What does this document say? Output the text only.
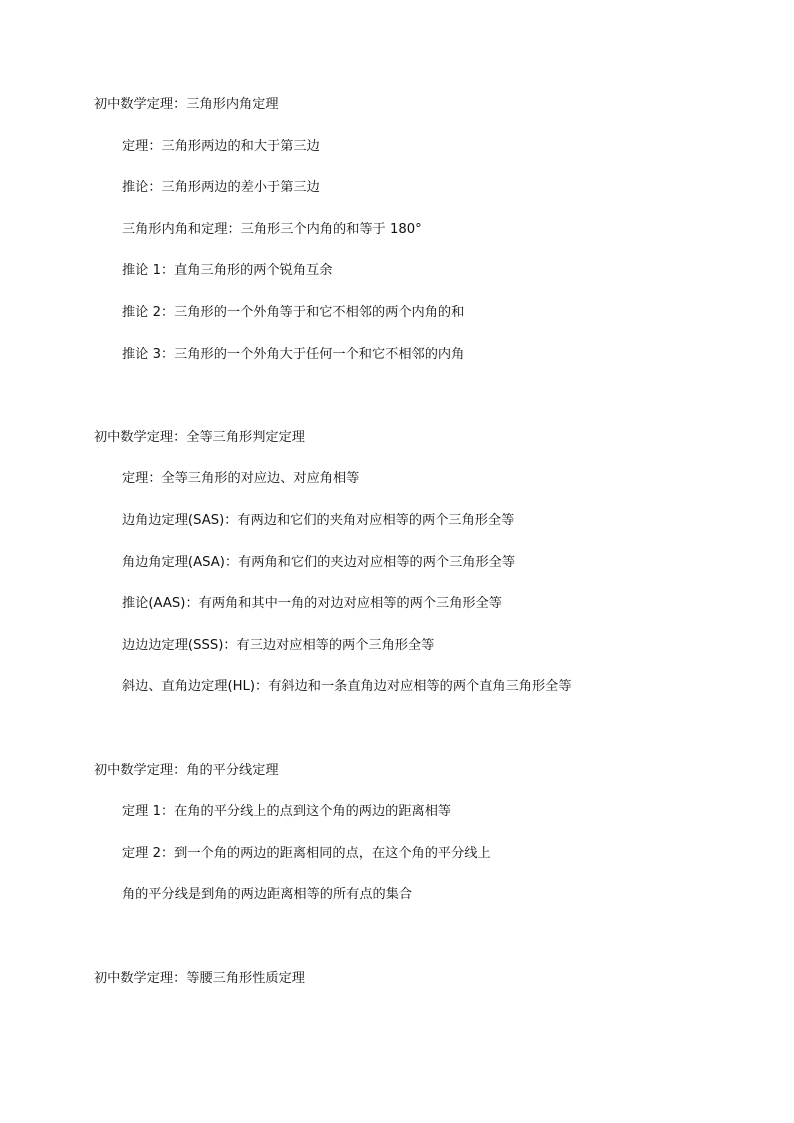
初中数学定理：三角形内角定理
定理：三角形两边的和大于第三边
推论：三角形两边的差小于第三边
三角形内角和定理：三角形三个内角的和等于 180°
推论 1：直角三角形的两个锐角互余
推论 2：三角形的一个外角等于和它不相邻的两个内角的和
推论 3：三角形的一个外角大于任何一个和它不相邻的内角
初中数学定理：全等三角形判定定理
定理：全等三角形的对应边、对应角相等
边角边定理(SAS)：有两边和它们的夹角对应相等的两个三角形全等
角边角定理(ASA)：有两角和它们的夹边对应相等的两个三角形全等
推论(AAS)：有两角和其中一角的对边对应相等的两个三角形全等
边边边定理(SSS)：有三边对应相等的两个三角形全等
斜边、直角边定理(HL)：有斜边和一条直角边对应相等的两个直角三角形全等
初中数学定理：角的平分线定理
定理 1：在角的平分线上的点到这个角的两边的距离相等
定理 2：到一个角的两边的距离相同的点，在这个角的平分线上
角的平分线是到角的两边距离相等的所有点的集合
初中数学定理：等腰三角形性质定理
